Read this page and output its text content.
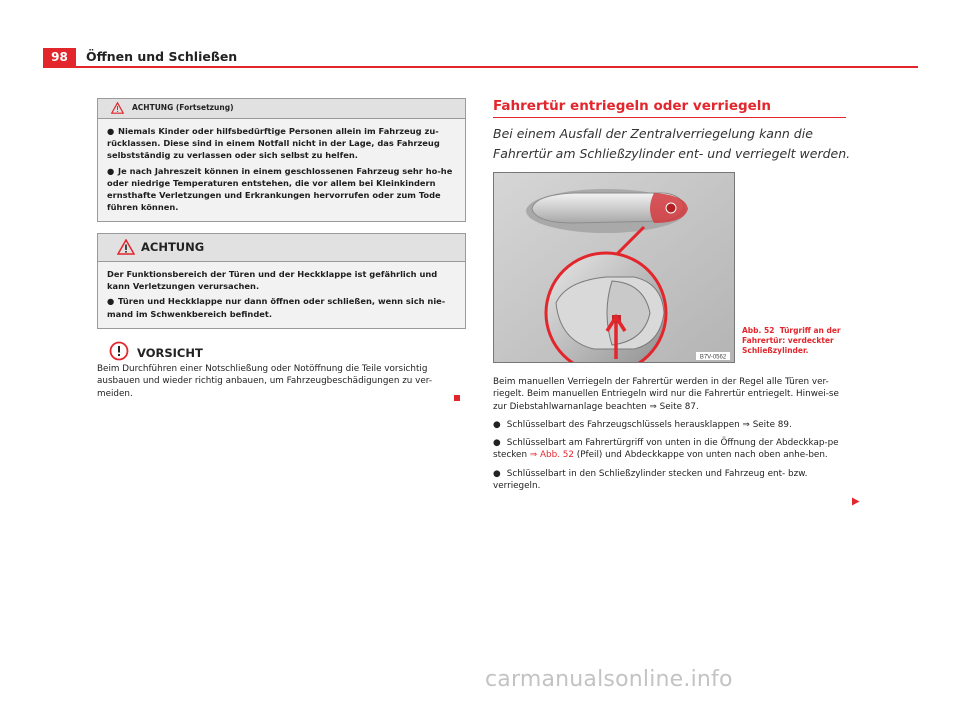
98	Öffnen und Schließen
ACHTUNG (Fortsetzung)

● Niemals Kinder oder hilfsbedürftige Personen allein im Fahrzeug zu-rücklassen. Diese sind in einem Notfall nicht in der Lage, das Fahrzeug selbstständig zu verlassen oder sich selbst zu helfen.

● Je nach Jahreszeit können in einem geschlossenen Fahrzeug sehr ho-he oder niedrige Temperaturen entstehen, die vor allem bei Kleinkindern ernsthafte Verletzungen und Erkrankungen hervorrufen oder zum Tode führen können.

ACHTUNG

Der Funktionsbereich der Türen und der Heckklappe ist gefährlich und kann Verletzungen verursachen.

● Türen und Heckklappe nur dann öffnen oder schließen, wenn sich nie-mand im Schwenkbereich befindet.

VORSICHT
Beim Durchführen einer Notschließung oder Notöffnung die Teile vorsichtig ausbauen und wieder richtig anbauen, um Fahrzeugbeschädigungen zu ver-meiden.
Fahrertür entriegeln oder verriegeln
Bei einem Ausfall der Zentralverriegelung kann die Fahrertür am Schließzylinder ent- und verriegelt werden.
B7V-0562
Abb. 52 Türgriff an der Fahrertür: verdeckter Schließzylinder.

Beim manuellen Verriegeln der Fahrertür werden in der Regel alle Türen ver-riegelt. Beim manuellen Entriegeln wird nur die Fahrertür entriegelt. Hinwei-se zur Diebstahlwarnanlage beachten ⇒ Seite 87.

● Schlüsselbart des Fahrzeugschlüssels herausklappen ⇒ Seite 89.

● Schlüsselbart am Fahrertürgriff von unten in die Öffnung der Abdeckkap-pe stecken ⇒ Abb. 52 (Pfeil) und Abdeckkappe von unten nach oben anhe-ben.

● Schlüsselbart in den Schließzylinder stecken und Fahrzeug ent- bzw. verriegeln.

carmanualsonline.info
